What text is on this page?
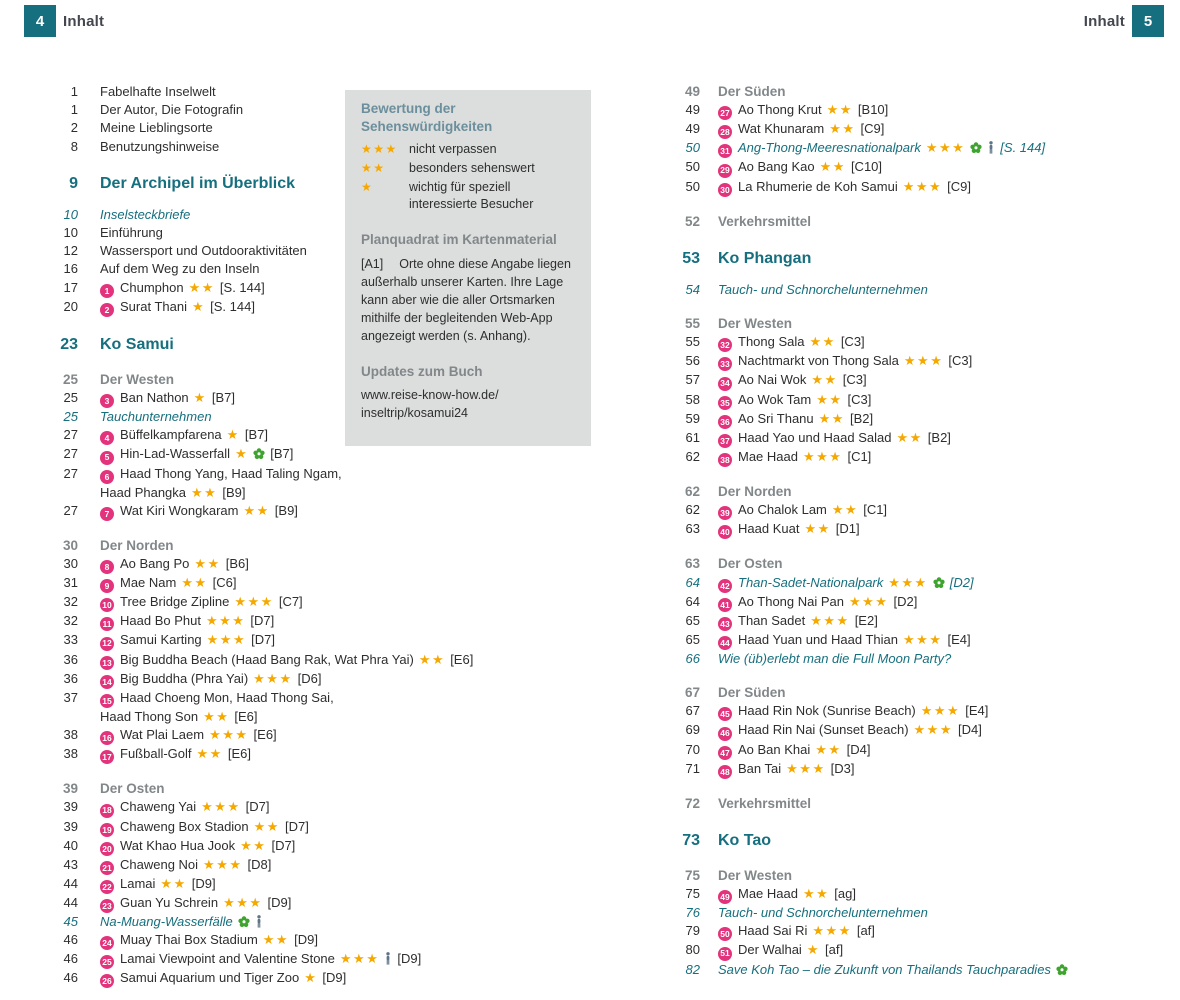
4	Inhalt	Inhalt	5
1 Fabelhafte Inselwelt
1 Der Autor, Die Fotografin
2 Meine Lieblingsorte
8 Benutzungshinweise
9 Der Archipel im Überblick
10 Inselsteckbriefe
10 Einführung
12 Wassersport und Outdooraktivitäten
16 Auf dem Weg zu den Inseln
17	1 Chumphon ★★ [S. 144]
20	2 Surat Thani ★ [S. 144]
23 Ko Samui
25 Der Westen
25	3 Ban Nathon ★ [B7]
25 Tauchunternehmen
27	4 Büffelkampfarena ★ [B7]
27	5 Hin-Lad-Wasserfall ★ [B7]
27	6 Haad Thong Yang, Haad Taling Ngam,
Haad Phangka ★★ [B9]
27	7 Wat Kiri Wongkaram ★★ [B9]
30 Der Norden
30	8 Ao Bang Po ★★ [B6]
31	9 Mae Nam ★★ [C6]
32	10 Tree Bridge Zipline ★★★ [C7]
32	11 Haad Bo Phut ★★★ [D7]
33	12 Samui Karting ★★★ [D7]
36	13 Big Buddha Beach (Haad Bang Rak, Wat Phra Yai) ★★ [E6]
36	14 Big Buddha (Phra Yai) ★★★ [D6]
37	15 Haad Choeng Mon, Haad Thong Sai,
Haad Thong Son ★★ [E6]
38	16 Wat Plai Laem ★★★ [E6]
38	17 Fußball-Golf ★★ [E6]
39 Der Osten
39	18 Chaweng Yai ★★★ [D7]
39	19 Chaweng Box Stadion ★★ [D7]
40	20 Wat Khao Hua Jook ★★ [D7]
43	21 Chaweng Noi ★★★ [D8]
44	22 Lamai ★★ [D9]
44	23 Guan Yu Schrein ★★★ [D9]
45 Na-Muang-Wasserfälle
46	24 Muay Thai Box Stadium ★★ [D9]
46	25 Lamai Viewpoint and Valentine Stone ★★★ [D9]
46	26 Samui Aquarium und Tiger Zoo ★ [D9]
49 Der Süden
49 27 Ao Thong Krut ★★ [B10]
49 28 Wat Khunaram ★★ [C9]
50 31 Ang-Thong-Meeresnationalpark ★★★	[S. 144]
50 29 Ao Bang Kao ★★ [C10]
50 30 La Rhumerie de Koh Samui ★★★ [C9]
52 Verkehrsmittel
53 Ko Phangan
54 Tauch- und Schnorchelunternehmen
55 Der Westen
55 32 Thong Sala ★★ [C3]
56 33 Nachtmarkt von Thong Sala ★★★ [C3]
57 34 Ao Nai Wok ★★ [C3]
58 35 Ao Wok Tam ★★ [C3]
59 36 Ao Sri Thanu ★★ [B2]
61 37 Haad Yao und Haad Salad ★★ [B2]
62 38 Mae Haad ★★★ [C1]
62 Der Norden
62 39 Ao Chalok Lam ★★ [C1]
63 40 Haad Kuat ★★ [D1]
63 Der Osten
64 42 Than-Sadet-Nationalpark ★★★ [D2]
64 41 Ao Thong Nai Pan ★★★ [D2]
65 43 Than Sadet ★★★ [E2]
65 44 Haad Yuan und Haad Thian ★★★ [E4]
66 Wie (üb)erlebt man die Full Moon Party?
67 Der Süden
67 45 Haad Rin Nok (Sunrise Beach) ★★★ [E4]
69 46 Haad Rin Nai (Sunset Beach) ★★★ [D4]
70 47 Ao Ban Khai ★★ [D4]
71 48 Ban Tai ★★★ [D3]
72 Verkehrsmittel
73 Ko Tao
75 Der Westen
75 49 Mae Haad ★★ [ag]
76 Tauch- und Schnorchelunternehmen
79 50 Haad Sai Ri ★★★ [af]
80 51 Der Walhai ★ [af]
82 Save Koh Tao – die Zukunft von Thailands Tauchparadies
Bewertung der Sehenswürdigkeiten
★★★ nicht verpassen
★★	besonders sehenswert
★	wichtig für speziell interessierte Besucher
Planquadrat im Kartenmaterial

[A1] Orte ohne diese Angabe liegen außerhalb unserer Karten. Ihre Lage kann aber wie die aller Ortsmarken mithilfe der begleitenden Web-App angezeigt werden (s. Anhang).

Updates zum Buch

www.reise-know-how.de/
inseltrip/kosamui24
